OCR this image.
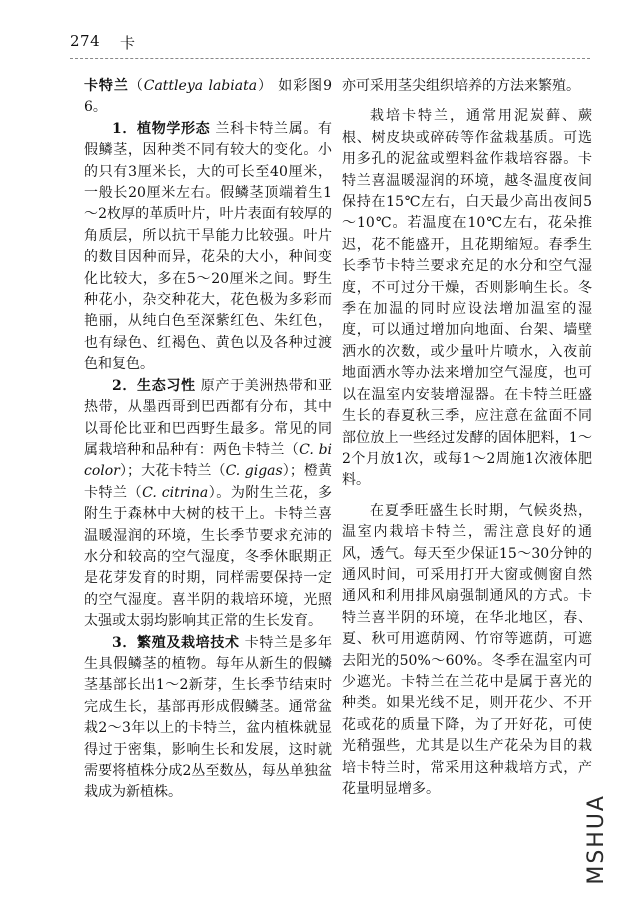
274 卡

卡特兰（Cattleya labiata） 如彩图96。

1．植物学形态 兰科卡特兰属。有假鳞茎，因种类不同有较大的变化。小的只有3厘米长，大的可长至40厘米，一般长20厘米左右。假鳞茎顶端着生1～2枚厚的革质叶片，叶片表面有较厚的角质层，所以抗干旱能力比较强。叶片的数目因种而异，花朵的大小，种间变化比较大，多在5～20厘米之间。野生种花小，杂交种花大，花色极为多彩而艳丽，从纯白色至深紫红色、朱红色，也有绿色、红褐色、黄色以及各种过渡色和复色。

2．生态习性 原产于美洲热带和亚热带，从墨西哥到巴西都有分布，其中以哥伦比亚和巴西野生最多。常见的同属栽培种和品种有：两色卡特兰（C. bicolor）；大花卡特兰（C. gigas）；橙黄卡特兰（C. citrina）。为附生兰花，多附生于森林中大树的枝干上。卡特兰喜温暖湿润的环境，生长季节要求充沛的水分和较高的空气湿度，冬季休眠期正是花芽发育的时期，同样需要保持一定的空气湿度。喜半阴的栽培环境，光照太强或太弱均影响其正常的生长发育。

3．繁殖及栽培技术 卡特兰是多年生具假鳞茎的植物。每年从新生的假鳞茎基部长出1～2新芽，生长季节结束时完成生长，基部再形成假鳞茎。通常盆栽2～3年以上的卡特兰，盆内植株就显得过于密集，影响生长和发展，这时就需要将植株分成2丛至数丛，每丛单独盆栽成为新植株。

亦可采用茎尖组织培养的方法来繁殖。

栽培卡特兰，通常用泥炭藓、蕨根、树皮块或碎砖等作盆栽基质。可选用多孔的泥盆或塑料盆作栽培容器。卡特兰喜温暖湿润的环境，越冬温度夜间保持在15℃左右，白天最少高出夜间5～10℃。若温度在10℃左右，花朵推迟，花不能盛开，且花期缩短。春季生长季节卡特兰要求充足的水分和空气湿度，不可过分干燥，否则影响生长。冬季在加温的同时应设法增加温室的湿度，可以通过增加向地面、台架、墙壁洒水的次数，或少量叶片喷水，入夜前地面洒水等办法来增加空气湿度，也可以在温室内安装增湿器。在卡特兰旺盛生长的春夏秋三季，应注意在盆面不同部位放上一些经过发酵的固体肥料，1～2个月放1次，或每1～2周施1次液体肥料。

在夏季旺盛生长时期，气候炎热，温室内栽培卡特兰，需注意良好的通风，透气。每天至少保证15～30分钟的通风时间，可采用打开大窗或侧窗自然通风和利用排风扇强制通风的方式。卡特兰喜半阴的环境，在华北地区，春、夏、秋可用遮荫网、竹帘等遮荫，可遮去阳光的50%～60%。冬季在温室内可少遮光。卡特兰在兰花中是属于喜光的种类。如果光线不足，则开花少、不开花或花的质量下降，为了开好花，可使光稍强些，尤其是以生产花朵为目的栽培卡特兰时，常采用这种栽培方式，产花量明显增多。

MSHUA
